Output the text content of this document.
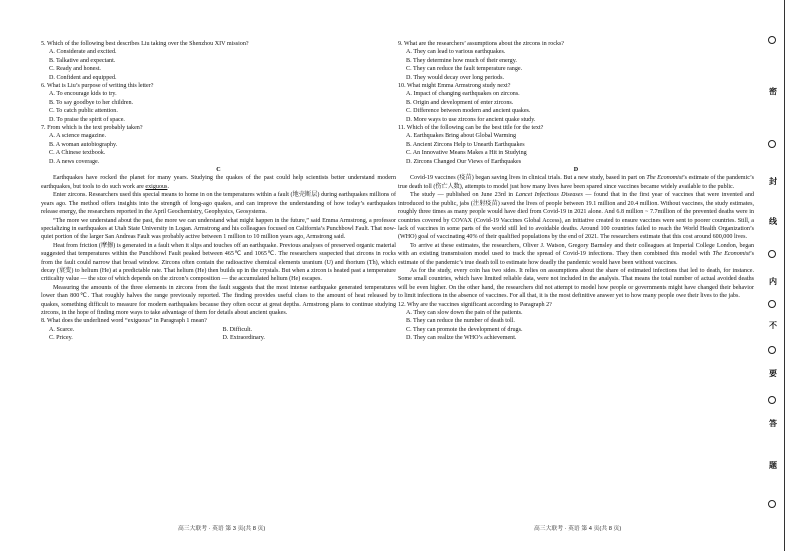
5. Which of the following best describes Liu taking over the Shenzhou XIV mission?
A. Considerate and excited.
B. Talkative and expectant.
C. Ready and honest.
D. Confident and equipped.
6. What is Liu’s purpose of writing this letter?
A. To encourage kids to try.
B. To say goodbye to her children.
C. To catch public attention.
D. To praise the spirit of space.
7. From which is the text probably taken?
A. A science magazine.
B. A woman autobiography.
C. A Chinese textbook.
D. A news coverage.
C
Earthquakes have rocked the planet for many years. Studying the quakes of the past could help scientists better understand modern earthquakes, but tools to do such work are exiguous.
Enter zircons. Researchers used this special means to home in on the temperatures within a fault (地壳断层) during earthquakes millions of years ago. The method offers insights into the strength of long-ago quakes, and can improve the understanding of how today’s earthquakes release energy, the researchers reported in the April Geochemistry, Geophysics, Geosystems.
“The more we understand about the past, the more we can understand what might happen in the future,” said Emma Armstrong, a professor specializing in earthquakes at Utah State University in Logan. Armstrong and his colleagues focused on California’s Punchbowl Fault. That now-quiet portion of the larger San Andreas Fault was probably active between 1 million to 10 million years ago, Armstrong said.
Heat from friction (摩擦) is generated in a fault when it slips and touches off an earthquake. Previous analyses of preserved organic material suggested that temperatures within the Punchbowl Fault peaked between 465℃ and 1065℃. The researchers suspected that zircons in rocks from the fault could narrow that broad window. Zircons often contain the radioactive chemical elements uranium (U) and thorium (Th), which decay (衰变) to helium (He) at a predictable rate. That helium (He) then builds up in the crystals. But when a zircon is heated past a temperature criticality value — the size of which depends on the zircon’s composition — the accumulated helium (He) escapes.
Measuring the amounts of the three elements in zircons from the fault suggests that the most intense earthquake generated temperatures lower than 800℃. That roughly halves the range previously reported. The finding provides useful clues to the amount of heat released by quakes, something difficult to measure for modern earthquakes because they often occur at great depths. Armstrong plans to continue studying zircons, in the hope of finding more ways to take advantage of them for details about ancient quakes.
8. What does the underlined word “exiguous” in Paragraph 1 mean?
A. Scarce.	B. Difficult.
C. Pricey.	D. Extraordinary.
9. What are the researchers’ assumptions about the zircons in rocks?
A. They can lead to various earthquakes.
B. They determine how much of their energy.
C. They can reduce the fault temperature range.
D. They would decay over long periods.
10. What might Emma Armstrong study next?
A. Impact of changing earthquakes on zircons.
B. Origin and development of enter zircons.
C. Difference between modern and ancient quakes.
D. More ways to use zircons for ancient quake study.
11. Which of the following can be the best title for the text?
A. Earthquakes Bring about Global Warming
B. Ancient Zircons Help to Unearth Earthquakes
C. An Innovative Means Makes a Hit in Studying
D. Zircons Changed Our Views of Earthquakes
D
Covid-19 vaccines (疫苗) began saving lives in clinical trials. But a new study, based in part on The Economist’s estimate of the pandemic’s true death toll (伤亡人数), attempts to model just how many lives have been spared since vaccines became widely available to the public.
The study — published on June 23rd in Lancet Infectious Diseases — found that in the first year of vaccines that were invented and introduced to the public, jabs (注射疫苗) saved the lives of people between 19.1 million and 20.4 million. Without vaccines, the study estimates, roughly three times as many people would have died from Covid-19 in 2021 alone. And 6.8 million ~ 7.7million of the prevented deaths were in countries covered by COVAX (Covid-19 Vaccines Global Access), an initiative created to ensure vaccines were sent to poorer countries. Still, a lack of vaccines in some parts of the world still led to avoidable deaths. Around 100 countries failed to reach the World Health Organization’s (WHO) goal of vaccinating 40% of their qualified populations by the end of 2021. The researchers estimate that this cost around 600,000 lives.
To arrive at these estimates, the researchers, Oliver J. Watson, Gregory Barnsley and their colleagues at Imperial College London, began with an existing transmission model used to track the spread of Covid-19 infections. They then combined this model with The Economist’s estimate of the pandemic’s true death toll to estimate how deadly the pandemic would have been without vaccines.
As for the study, every coin has two sides. It relies on assumptions about the share of estimated infections that led to death, for instance. Some small countries, which have limited reliable data, were not included in the analysis. That means the total number of actual avoided deaths will be even higher. On the other hand, the researchers did not attempt to model how people or governments might have changed their behavior to limit infections in the absence of vaccines. For all that, it is the most definitive answer yet to how many people owe their lives to the jabs.
12. Why are the vaccines significant according to Paragraph 2?
A. They can slow down the pain of the patients.
B. They can reduce the number of death toll.
C. They can promote the development of drugs.
D. They can realize the WHO’s achievement.
高三大联考 · 英语 第 3 页(共 8 页)	高三大联考 · 英语 第 4 页(共 8 页)
密
封
线
内
不
要
答
题
